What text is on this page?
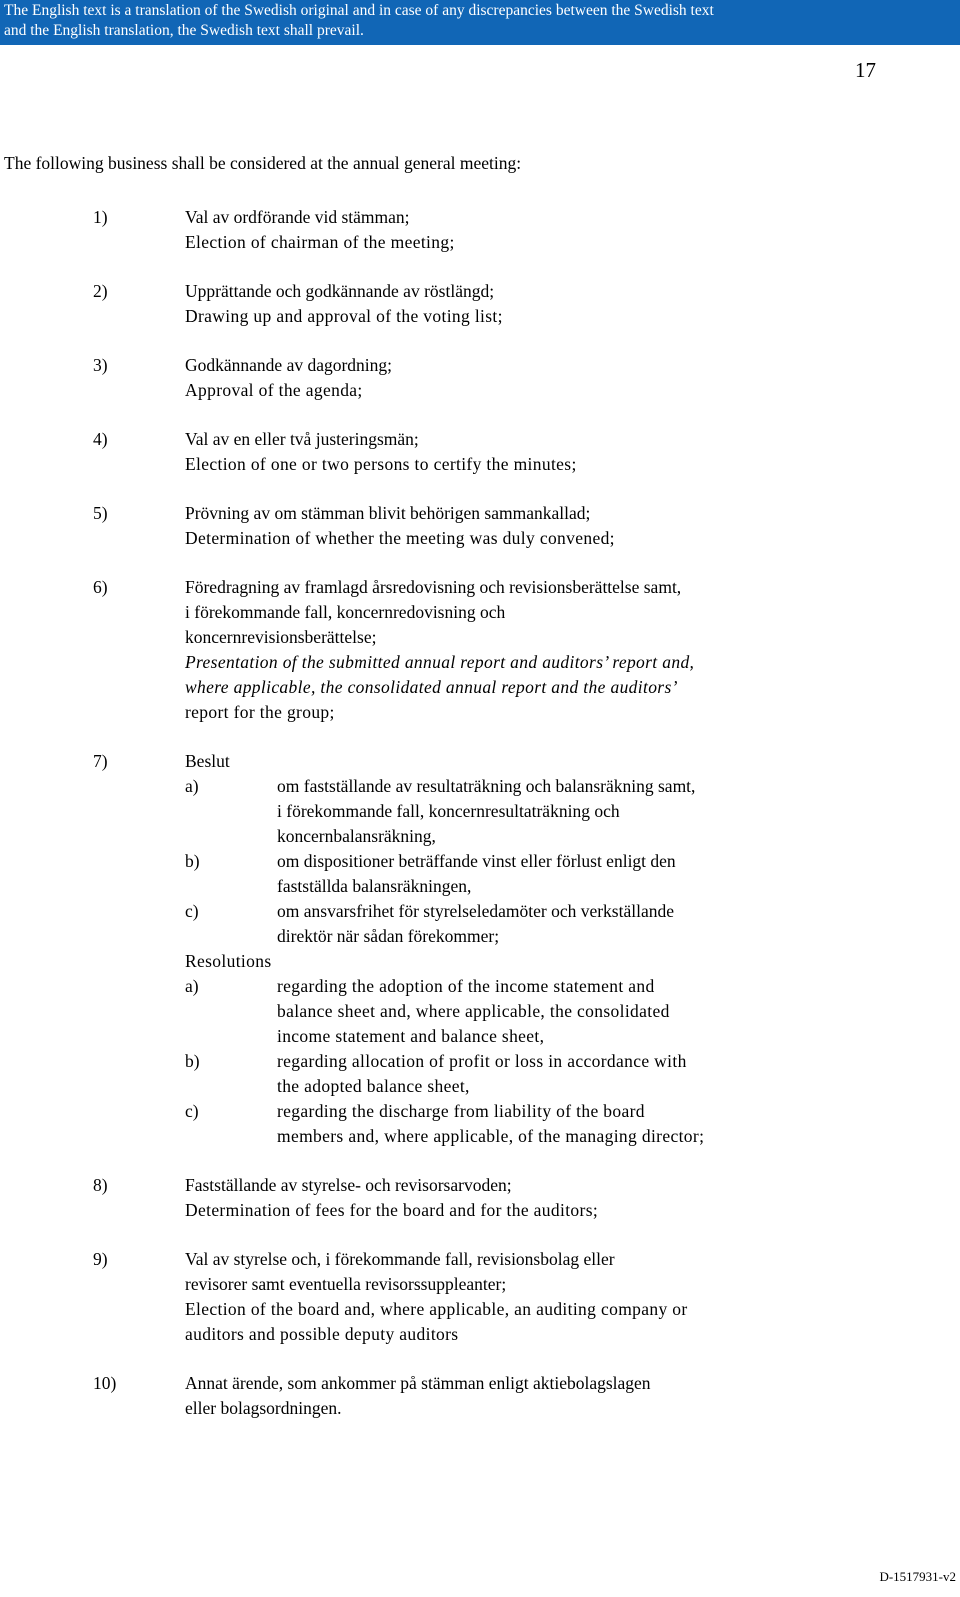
The English text is a translation of the Swedish original and in case of any discrepancies between the Swedish text
and the English translation, the Swedish text shall prevail.
17
The following business shall be considered at the annual general meeting:
1)	Val av ordförande vid stämman;
Election of chairman of the meeting;
2)	Upprättande och godkännande av röstlängd;
Drawing up and approval of the voting list;
3)	Godkännande av dagordning;
Approval of the agenda;
4)	Val av en eller två justeringsmän;
Election of one or two persons to certify the minutes;
5)	Prövning av om stämman blivit behörigen sammankallad;
Determination of whether the meeting was duly convened;
6)	Föredragning av framlagd årsredovisning och revisionsberättelse samt,
i förekommande fall, koncernredovisning och
koncernrevisionsberättelse;
Presentation of the submitted annual report and auditors’ report and,
where applicable, the consolidated annual report and the auditors’
report for the group;
7)	Beslut
a)	om fastställande av resultaträkning och balansräkning samt,
i förekommande fall, koncernresultaträkning och
koncernbalansräkning,
b)	om dispositioner beträffande vinst eller förlust enligt den
fastställda balansräkningen,
c)	om ansvarsfrihet för styrelseledamöter och verkställande
direktör när sådan förekommer;
Resolutions
a)	regarding the adoption of the income statement and
balance sheet and, where applicable, the consolidated
income statement and balance sheet,
b)	regarding allocation of profit or loss in accordance with
the adopted balance sheet,
c)	regarding the discharge from liability of the board
members and, where applicable, of the managing director;
8)	Fastställande av styrelse- och revisorsarvoden;
Determination of fees for the board and for the auditors;
9)	Val av styrelse och, i förekommande fall, revisionsbolag eller
revisorer samt eventuella revisorssuppleanter;
Election of the board and, where applicable, an auditing company or
auditors and possible deputy auditors
10)	Annat ärende, som ankommer på stämman enligt aktiebolagslagen
eller bolagsordningen.
D-1517931-v2
